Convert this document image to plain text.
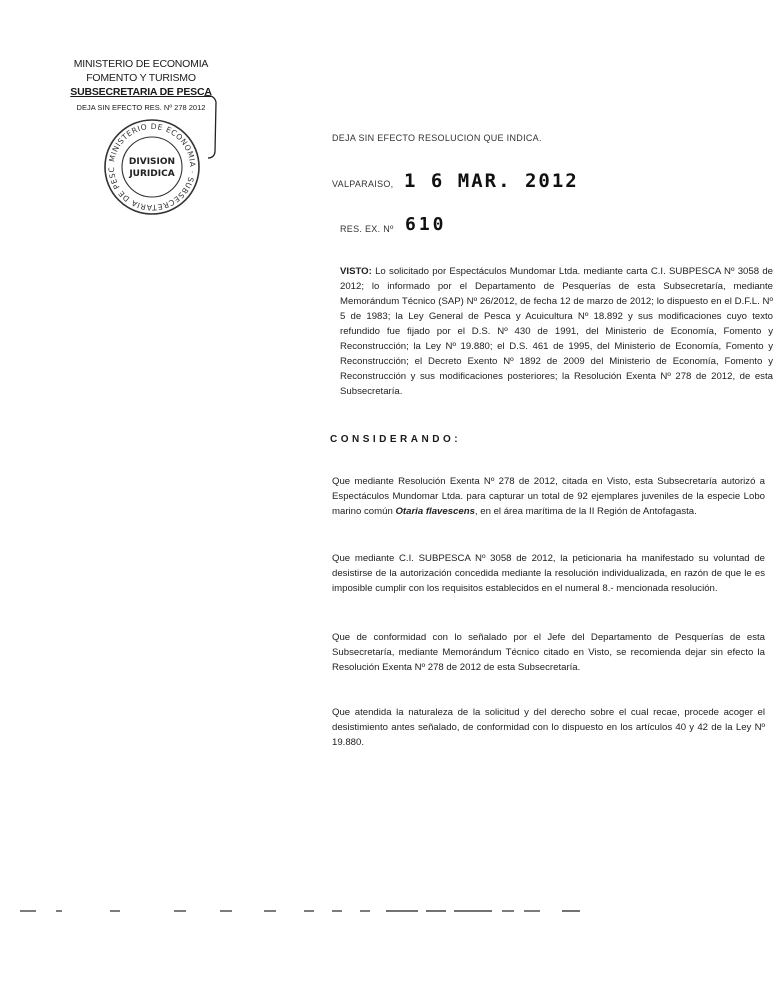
MINISTERIO DE ECONOMIA
FOMENTO Y TURISMO
SUBSECRETARIA DE PESCA
DEJA SIN EFECTO RES. Nº 278 2012
MINISTERIO DE ECONOMIA · SUBSECRETARIA DE PESC
DIVISION
JURIDICA
DEJA SIN EFECTO RESOLUCION QUE INDICA.
VALPARAISO, 1 6 MAR. 2012
RES. EX. Nº 610
VISTO: Lo solicitado por Espectáculos Mundomar Ltda. mediante carta C.I. SUBPESCA Nº 3058 de 2012; lo informado por el Departamento de Pesquerías de esta Subsecretaría, mediante Memorándum Técnico (SAP) Nº 26/2012, de fecha 12 de marzo de 2012; lo dispuesto en el D.F.L. Nº 5 de 1983; la Ley General de Pesca y Acuicultura Nº 18.892 y sus modificaciones cuyo texto refundido fue fijado por el D.S. Nº 430 de 1991, del Ministerio de Economía, Fomento y Reconstrucción; la Ley Nº 19.880; el D.S. 461 de 1995, del Ministerio de Economía, Fomento y Reconstrucción; el Decreto Exento Nº 1892 de 2009 del Ministerio de Economía, Fomento y Reconstrucción y sus modificaciones posteriores; la Resolución Exenta Nº 278 de 2012, de esta Subsecretaría.
CONSIDERANDO:
Que mediante Resolución Exenta Nº 278 de 2012, citada en Visto, esta Subsecretaría autorizó a Espectáculos Mundomar Ltda. para capturar un total de 92 ejemplares juveniles de la especie Lobo marino común Otaria flavescens, en el área marítima de la II Región de Antofagasta.
Que mediante C.I. SUBPESCA Nº 3058 de 2012, la peticionaria ha manifestado su voluntad de desistirse de la autorización concedida mediante la resolución individualizada, en razón de que le es imposible cumplir con los requisitos establecidos en el numeral 8.- mencionada resolución.
Que de conformidad con lo señalado por el Jefe del Departamento de Pesquerías de esta Subsecretaría, mediante Memorándum Técnico citado en Visto, se recomienda dejar sin efecto la Resolución Exenta Nº 278 de 2012 de esta Subsecretaría.
Que atendida la naturaleza de la solicitud y del derecho sobre el cual recae, procede acoger el desistimiento antes señalado, de conformidad con lo dispuesto en los artículos 40 y 42 de la Ley Nº 19.880.
